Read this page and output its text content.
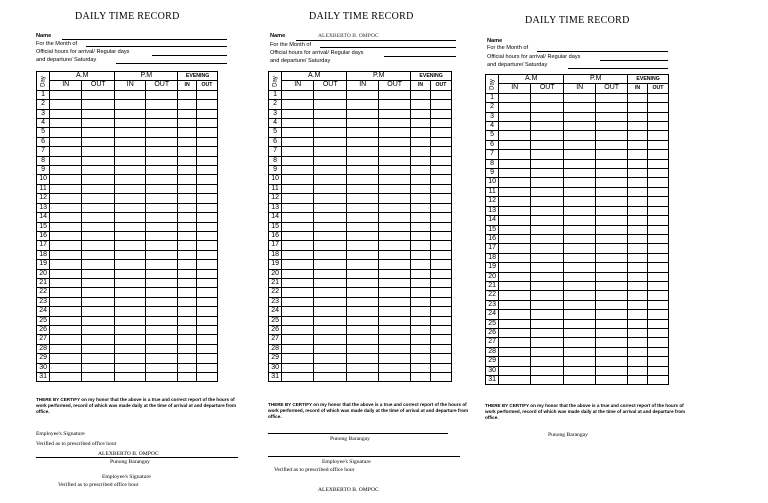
DAILY TIME RECORD
Name
For the Month of
Official hours for arrival/ Regular days
and departure/ Saturday
Day	A.M		P.M		EVENING	
	IN	OUT	IN	OUT	IN	OUT
1						
2						
3						
4						
5						
6						
7						
8						
9						
10						
11						
12						
13						
14						
15						
16						
17						
18						
19						
20						
21						
22						
23						
24						
25						
26						
27						
28						
29						
30						
31						
THERE BY CERTIFY on my honor that the above is a true and correct report of the hours of work performed, record of which was made daily at the time of arrival at and departure from office.
Employee's Signature
Verified as to prescribed office hour
ALEXBERTO B. OMPOC
Punong Barangay
Employee's Signature
Verified as to prescribed office hour
DAILY TIME RECORD
Name	ALEXBERTO B. OMPOC
For the Month of
Official hours for arrival/ Regular days
and departure/ Saturday
Day	A.M		P.M		EVENING	
	IN	OUT	IN	OUT	IN	OUT
1						
2						
3						
4						
5						
6						
7						
8						
9						
10						
11						
12						
13						
14						
15						
16						
17						
18						
19						
20						
21						
22						
23						
24						
25						
26						
27						
28						
29						
30						
31						
THERE BY CERTIFY on my honor that the above is a true and correct report of the hours of work performed, record of which was made daily at the time of arrival at and departure from office.
Punong Barangay
Employee's Signature
Verified as to prescribed office hour
ALEXBERTO B. OMPOC
DAILY TIME RECORD
Name
For the Month of
Official hours for arrival/ Regular days
and departure/ Saturday
Day	A.M		P.M		EVENING	
	IN	OUT	IN	OUT	IN	OUT
1						
2						
3						
4						
5						
6						
7						
8						
9						
10						
11						
12						
13						
14						
15						
16						
17						
18						
19						
20						
21						
22						
23						
24						
25						
26						
27						
28						
29						
30						
31						
THERE BY CERTIFY on my honor that the above is a true and correct report of the hours of work performed, record of which was made daily at the time of arrival at and departure from office.
Punong Barangay
